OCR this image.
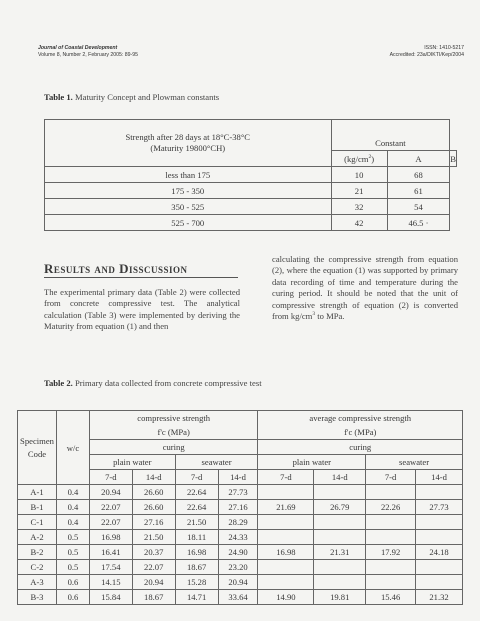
Journal of Coastal Development
Volume 8, Number 2, February 2005: 89-95
ISSN: 1410-5217
Accredited: 23a/DIKTI/Kep/2004
Table 1. Maturity Concept and Plowman constants
Strength after 28 days at 18°C-38°C
(Maturity 19800°CH)			

	Constant		
	$(kg/cm^2)$	A	B
less than 175	10	68	
175 - 350	21	61	
350 - 525	32	54	
525 - 700	42	46.5 ·	
Results and Disscussion
The experimental primary data (Table 2) were collected from concrete compressive test. The analytical calculation (Table 3) were implemented by deriving the Maturity from equation (1) and then
calculating the compressive strength from equation (2), where the equation (1) was supported by primary data recording of time and temperature during the curing period. It should be noted that the unit of compressive strength of equation (2) is converted from $kg/cm^3$ to MPa.
Table 2. Primary data collected from concrete compressive test
Specimen
Code	w/c	compressive strength				average compressive strength			
		f'c (MPa)				f'c (MPa)			
		curing				curing			
		plain water		seawater		plain water		seawater	
		7-d	14-d	7-d	14-d	7-d	14-d	7-d	14-d
A-1	0.4	20.94	26.60	22.64	27.73				
B-1	0.4	22.07	26.60	22.64	27.16	21.69	26.79	22.26	27.73
C-1	0.4	22.07	27.16	21.50	28.29				
A-2	0.5	16.98	21.50	18.11	24.33				
B-2	0.5	16.41	20.37	16.98	24.90	16.98	21.31	17.92	24.18
C-2	0.5	17.54	22.07	18.67	23.20				
A-3	0.6	14.15	20.94	15.28	20.94				
B-3	0.6	15.84	18.67	14.71	33.64	14.90	19.81	15.46	21.32
